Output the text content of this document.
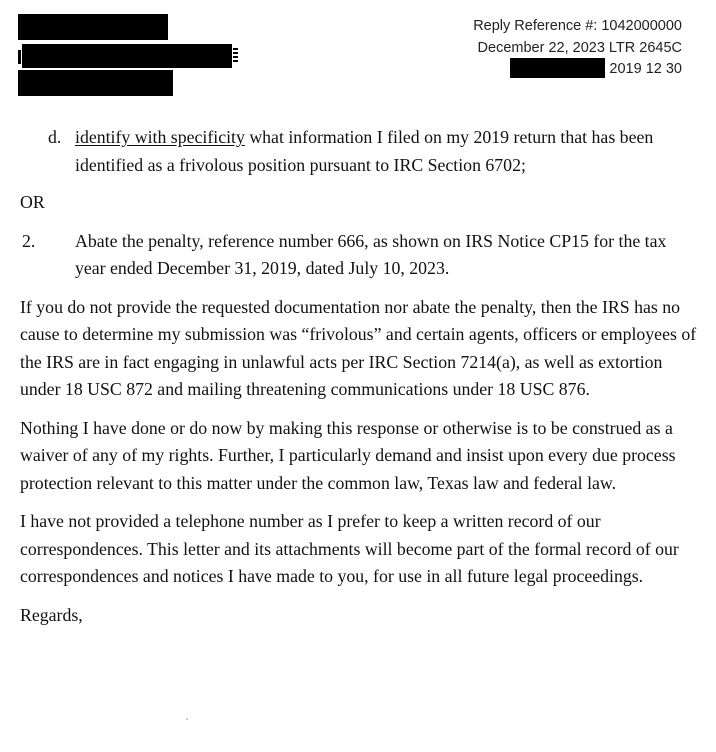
Reply Reference #: 1042000000
December 22, 2023 LTR 2645C
2019 12 30

d. identify with specificity what information I filed on my 2019 return that has been identified as a frivolous position pursuant to IRC Section 6702;

OR

2. Abate the penalty, reference number 666, as shown on IRS Notice CP15 for the tax year ended December 31, 2019, dated July 10, 2023.

If you do not provide the requested documentation nor abate the penalty, then the IRS has no cause to determine my submission was “frivolous” and certain agents, officers or employees of the IRS are in fact engaging in unlawful acts per IRC Section 7214(a), as well as extortion under 18 USC 872 and mailing threatening communications under 18 USC 876.

Nothing I have done or do now by making this response or otherwise is to be construed as a waiver of any of my rights. Further, I particularly demand and insist upon every due process protection relevant to this matter under the common law, Texas law and federal law.

I have not provided a telephone number as I prefer to keep a written record of our correspondences. This letter and its attachments will become part of the formal record of our correspondences and notices I have made to you, for use in all future legal proceedings.

Regards,
